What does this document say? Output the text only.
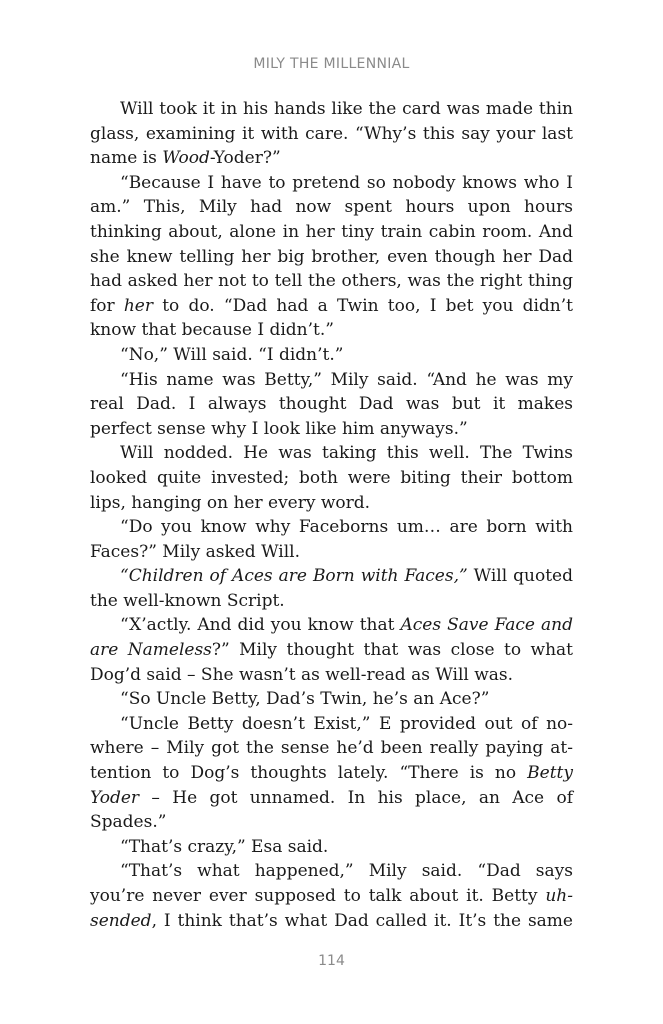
MILY THE MILLENNIAL

Will took it in his hands like the card was made thin glass, examining it with care. “Why’s this say your last name is Wood-Yoder?”

“Because I have to pretend so nobody knows who I am.” This, Mily had now spent hours upon hours thinking about, alone in her tiny train cabin room. And she knew telling her big brother, even though her Dad had asked her not to tell the others, was the right thing for her to do. “Dad had a Twin too, I bet you didn’t know that because I didn’t.”

“No,” Will said. “I didn’t.”

“His name was Betty,” Mily said. “And he was my real Dad. I always thought Dad was but it makes perfect sense why I look like him anyways.”

Will nodded. He was taking this well. The Twins looked quite invested; both were biting their bottom lips, hanging on her every word.

“Do you know why Faceborns um… are born with Faces?” Mily asked Will.

“Children of Aces are Born with Faces,” Will quoted the well-known Script.

“X’actly. And did you know that Aces Save Face and are Nameless?” Mily thought that was close to what Dog’d said – She wasn’t as well-read as Will was.

“So Uncle Betty, Dad’s Twin, he’s an Ace?”

“Uncle Betty doesn’t Exist,” E provided out of nowhere – Mily got the sense he’d been really paying attention to Dog’s thoughts lately. “There is no Betty Yoder – He got unnamed. In his place, an Ace of Spades.”

“That’s crazy,” Esa said.

“That’s what happened,” Mily said. “Dad says you’re never ever supposed to talk about it. Betty uhsended, I think that’s what Dad called it. It’s the same

114
